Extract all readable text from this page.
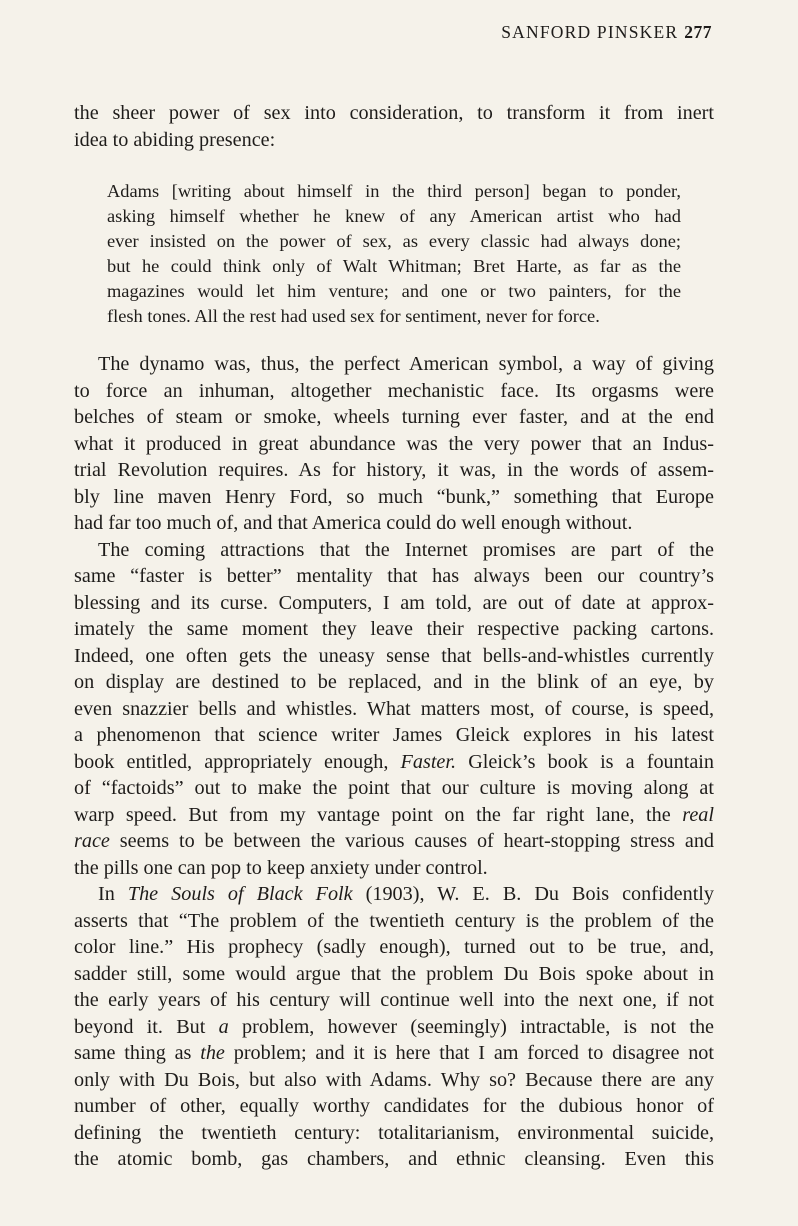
SANFORD PINSKER 277
the sheer power of sex into consideration, to transform it from inert
idea to abiding presence:
Adams [writing about himself in the third person] began to ponder,
asking himself whether he knew of any American artist who had
ever insisted on the power of sex, as every classic had always done;
but he could think only of Walt Whitman; Bret Harte, as far as the
magazines would let him venture; and one or two painters, for the
flesh tones. All the rest had used sex for sentiment, never for force.
The dynamo was, thus, the perfect American symbol, a way of giving
to force an inhuman, altogether mechanistic face. Its orgasms were
belches of steam or smoke, wheels turning ever faster, and at the end
what it produced in great abundance was the very power that an Indus-
trial Revolution requires. As for history, it was, in the words of assem-
bly line maven Henry Ford, so much “bunk,” something that Europe
had far too much of, and that America could do well enough without.
The coming attractions that the Internet promises are part of the
same “faster is better” mentality that has always been our country’s
blessing and its curse. Computers, I am told, are out of date at approx-
imately the same moment they leave their respective packing cartons.
Indeed, one often gets the uneasy sense that bells-and-whistles currently
on display are destined to be replaced, and in the blink of an eye, by
even snazzier bells and whistles. What matters most, of course, is speed,
a phenomenon that science writer James Gleick explores in his latest
book entitled, appropriately enough, Faster. Gleick’s book is a fountain
of “factoids” out to make the point that our culture is moving along at
warp speed. But from my vantage point on the far right lane, the real
race seems to be between the various causes of heart-stopping stress and
the pills one can pop to keep anxiety under control.
In The Souls of Black Folk (1903), W. E. B. Du Bois confidently
asserts that “The problem of the twentieth century is the problem of the
color line.” His prophecy (sadly enough), turned out to be true, and,
sadder still, some would argue that the problem Du Bois spoke about in
the early years of his century will continue well into the next one, if not
beyond it. But a problem, however (seemingly) intractable, is not the
same thing as the problem; and it is here that I am forced to disagree not
only with Du Bois, but also with Adams. Why so? Because there are any
number of other, equally worthy candidates for the dubious honor of
defining the twentieth century: totalitarianism, environmental suicide,
the atomic bomb, gas chambers, and ethnic cleansing. Even this
